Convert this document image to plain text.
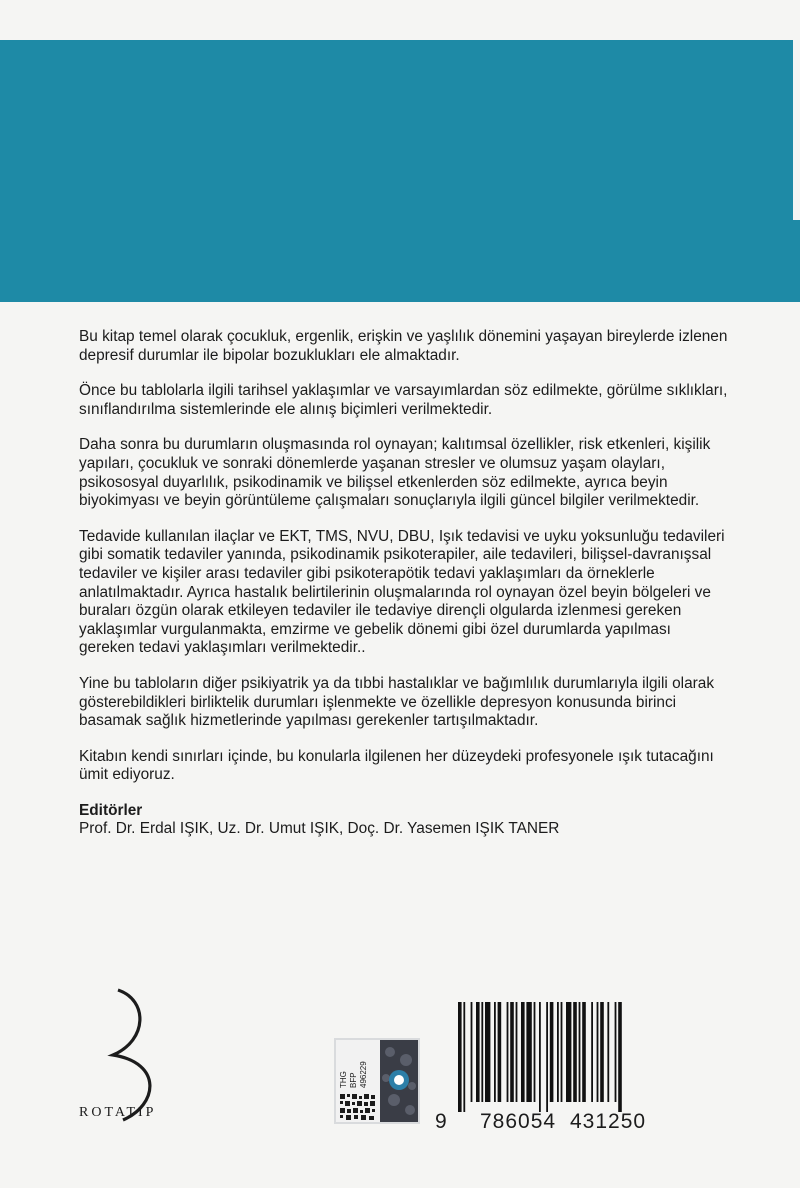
Bu kitap temel olarak çocukluk, ergenlik, erişkin ve yaşlılık dönemini yaşayan bireylerde izlenen depresif durumlar ile bipolar bozuklukları ele almaktadır.

Önce bu tablolarla ilgili tarihsel yaklaşımlar ve varsayımlardan söz edilmekte, görülme sıklıkları, sınıflandırılma sistemlerinde ele alınış biçimleri verilmektedir.

Daha sonra bu durumların oluşmasında rol oynayan; kalıtımsal özellikler, risk etkenleri, kişilik yapıları, çocukluk ve sonraki dönemlerde yaşanan stresler ve olumsuz yaşam olayları, psikososyal duyarlılık, psikodinamik ve bilişsel etkenlerden söz edilmekte, ayrıca beyin biyokimyası ve beyin görüntüleme çalışmaları sonuçlarıyla ilgili güncel bilgiler verilmektedir.

Tedavide kullanılan ilaçlar ve EKT, TMS, NVU, DBU, Işık tedavisi ve uyku yoksunluğu tedavileri gibi somatik tedaviler yanında, psikodinamik psikoterapiler, aile tedavileri, bilişsel-davranışsal tedaviler ve kişiler arası tedaviler gibi psikoterapötik tedavi yaklaşımları da örneklerle anlatılmaktadır. Ayrıca hastalık belirtilerinin oluşmalarında rol oynayan özel beyin bölgeleri ve buraları özgün olarak etkileyen tedaviler ile tedaviye dirençli olgularda izlenmesi gereken yaklaşımlar vurgulanmakta, emzirme ve gebelik dönemi gibi özel durumlarda yapılması gereken tedavi yaklaşımları verilmektedir..

Yine bu tabloların diğer psikiyatrik ya da tıbbi hastalıklar ve bağımlılık durumlarıyla ilgili olarak gösterebildikleri birliktelik durumları işlenmekte ve özellikle depresyon konusunda birinci basamak sağlık hizmetlerinde yapılması gerekenler tartışılmaktadır.

Kitabın kendi sınırları içinde, bu konularla ilgilenen her düzeydeki profesyonele ışık tutacağını ümit ediyoruz.

Editörler
Prof. Dr. Erdal IŞIK, Uz. Dr. Umut IŞIK, Doç. Dr. Yasemen IŞIK TANER
ROTATIP
THG BFP 496229
9 786054 431250
